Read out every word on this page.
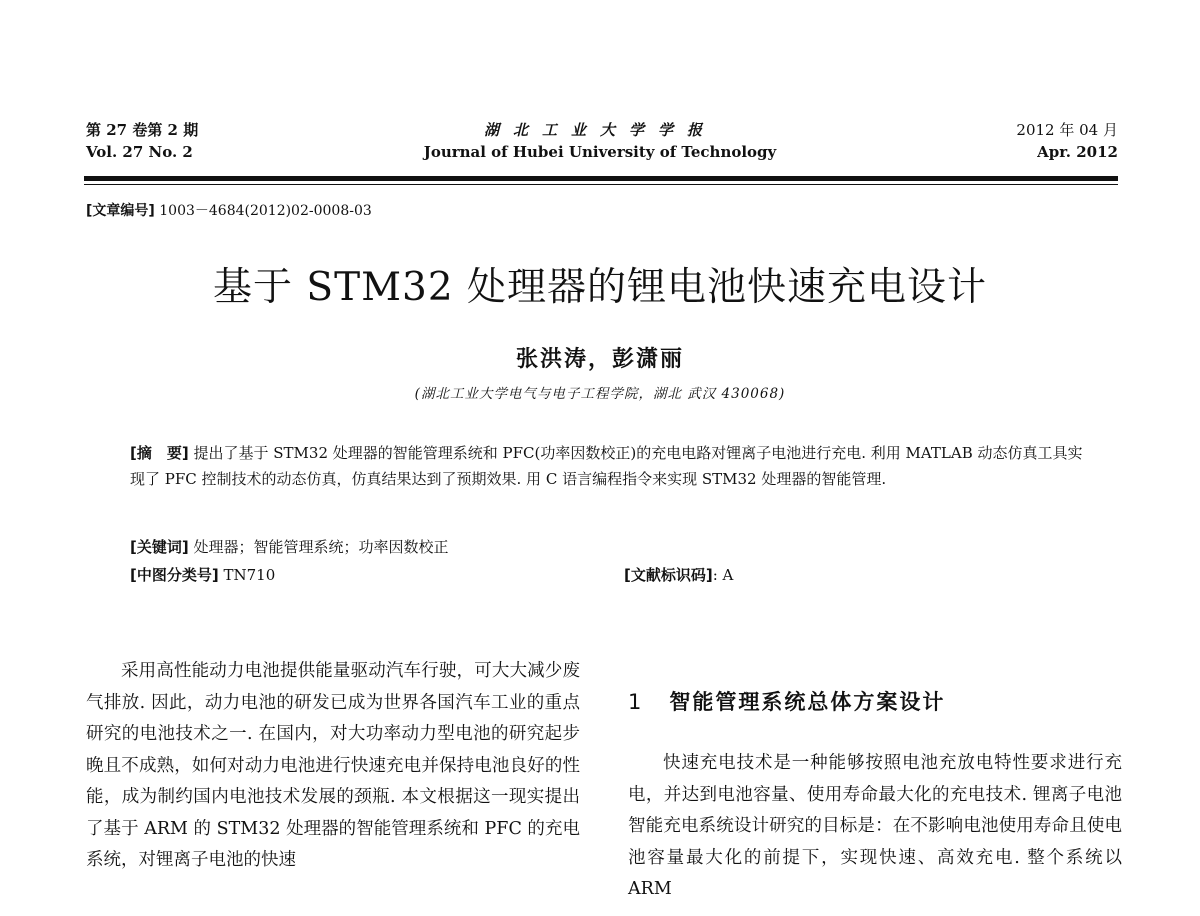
第 27 卷第 2 期
Vol. 27 No. 2
湖北工业大学学报
Journal of Hubei University of Technology
2012 年 04 月
Apr. 2012
[文章编号] 1003－4684(2012)02-0008-03
基于 STM32 处理器的锂电池快速充电设计
张洪涛，彭潇丽
(湖北工业大学电气与电子工程学院，湖北 武汉 430068)
[摘　要] 提出了基于 STM32 处理器的智能管理系统和 PFC(功率因数校正)的充电电路对锂离子电池进行充电. 利用 MATLAB 动态仿真工具实现了 PFC 控制技术的动态仿真，仿真结果达到了预期效果. 用 C 语言编程指令来实现 STM32 处理器的智能管理.
[关键词] 处理器；智能管理系统；功率因数校正
[中图分类号] TN710	[文献标识码]: A

采用高性能动力电池提供能量驱动汽车行驶，可大大减少废气排放. 因此，动力电池的研发已成为世界各国汽车工业的重点研究的电池技术之一. 在国内，对大功率动力型电池的研究起步晚且不成熟，如何对动力电池进行快速充电并保持电池良好的性能，成为制约国内电池技术发展的颈瓶. 本文根据这一现实提出了基于 ARM 的 STM32 处理器的智能管理系统和 PFC 的充电系统，对锂离子电池的快速

1 智能管理系统总体方案设计

快速充电技术是一种能够按照电池充放电特性要求进行充电，并达到电池容量、使用寿命最大化的充电技术. 锂离子电池智能充电系统设计研究的目标是：在不影响电池使用寿命且使电池容量最大化的前提下，实现快速、高效充电. 整个系统以 ARM
